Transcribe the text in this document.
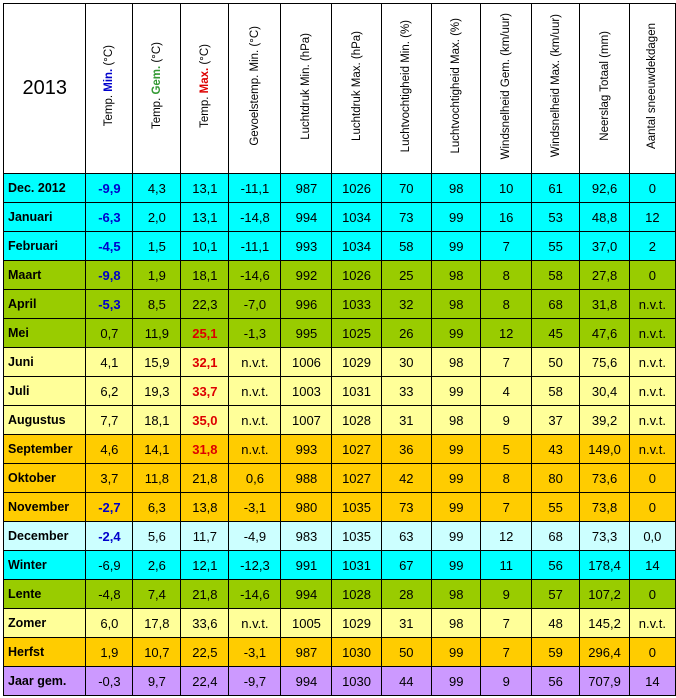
2013	Temp. Min. (°C)	Temp. Gem. (°C)	Temp. Max. (°C)	Gevoelstemp. Min. (°C)	Luchtdruk Min. (hPa)	Luchtdruk Max. (hPa)	Luchtvochtigheid Min. (%)	Luchtvochtigheid Max. (%)	Windsnelheid Gem. (km/uur)	Windsnelheid Max. (km/uur)	Neerslag Totaal (mm)	Aantal sneeuwdekdagen
Dec. 2012	-9,9	4,3	13,1	-11,1	987	1026	70	98	10	61	92,6	0
Januari	-6,3	2,0	13,1	-14,8	994	1034	73	99	16	53	48,8	12
Februari	-4,5	1,5	10,1	-11,1	993	1034	58	99	7	55	37,0	2
Maart	-9,8	1,9	18,1	-14,6	992	1026	25	98	8	58	27,8	0
April	-5,3	8,5	22,3	-7,0	996	1033	32	98	8	68	31,8	n.v.t.
Mei	0,7	11,9	25,1	-1,3	995	1025	26	99	12	45	47,6	n.v.t.
Juni	4,1	15,9	32,1	n.v.t.	1006	1029	30	98	7	50	75,6	n.v.t.
Juli	6,2	19,3	33,7	n.v.t.	1003	1031	33	99	4	58	30,4	n.v.t.
Augustus	7,7	18,1	35,0	n.v.t.	1007	1028	31	98	9	37	39,2	n.v.t.
September	4,6	14,1	31,8	n.v.t.	993	1027	36	99	5	43	149,0	n.v.t.
Oktober	3,7	11,8	21,8	0,6	988	1027	42	99	8	80	73,6	0
November	-2,7	6,3	13,8	-3,1	980	1035	73	99	7	55	73,8	0
December	-2,4	5,6	11,7	-4,9	983	1035	63	99	12	68	73,3	0,0
Winter	-6,9	2,6	12,1	-12,3	991	1031	67	99	11	56	178,4	14
Lente	-4,8	7,4	21,8	-14,6	994	1028	28	98	9	57	107,2	0
Zomer	6,0	17,8	33,6	n.v.t.	1005	1029	31	98	7	48	145,2	n.v.t.
Herfst	1,9	10,7	22,5	-3,1	987	1030	50	99	7	59	296,4	0
Jaar gem.	-0,3	9,7	22,4	-9,7	994	1030	44	99	9	56	707,9	14
